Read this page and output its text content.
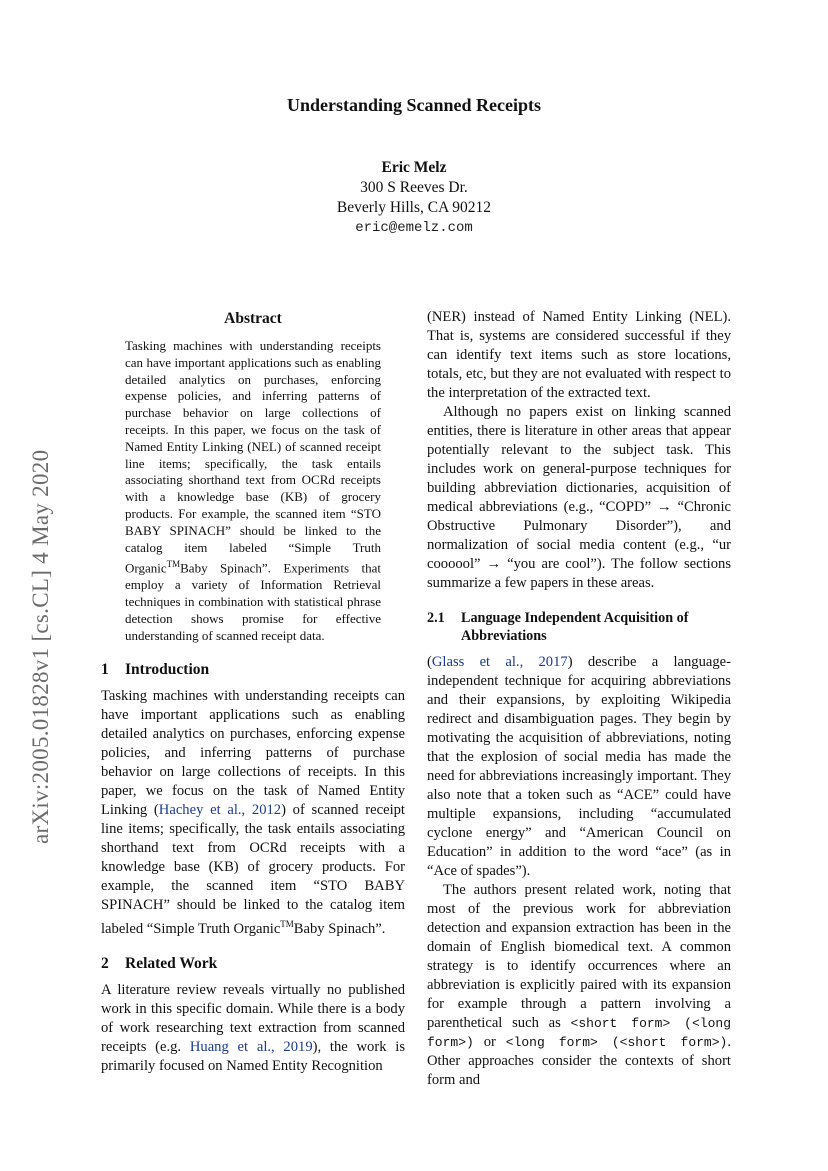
Understanding Scanned Receipts
Eric Melz
300 S Reeves Dr.
Beverly Hills, CA 90212
eric@emelz.com
arXiv:2005.01828v1 [cs.CL] 4 May 2020
Abstract
Tasking machines with understanding receipts can have important applications such as enabling detailed analytics on purchases, enforcing expense policies, and inferring patterns of purchase behavior on large collections of receipts. In this paper, we focus on the task of Named Entity Linking (NEL) of scanned receipt line items; specifically, the task entails associating shorthand text from OCRd receipts with a knowledge base (KB) of grocery products. For example, the scanned item “STO BABY SPINACH” should be linked to the catalog item labeled “Simple Truth Organic™Baby Spinach”. Experiments that employ a variety of Information Retrieval techniques in combination with statistical phrase detection shows promise for effective understanding of scanned receipt data.
1 Introduction

Tasking machines with understanding receipts can have important applications such as enabling detailed analytics on purchases, enforcing expense policies, and inferring patterns of purchase behavior on large collections of receipts. In this paper, we focus on the task of Named Entity Linking (Hachey et al., 2012) of scanned receipt line items; specifically, the task entails associating shorthand text from OCRd receipts with a knowledge base (KB) of grocery products. For example, the scanned item “STO BABY SPINACH” should be linked to the catalog item labeled “Simple Truth Organic™Baby Spinach”.

2 Related Work

A literature review reveals virtually no published work in this specific domain. While there is a body of work researching text extraction from scanned receipts (e.g. Huang et al., 2019), the work is primarily focused on Named Entity Recognition

(NER) instead of Named Entity Linking (NEL). That is, systems are considered successful if they can identify text items such as store locations, totals, etc, but they are not evaluated with respect to the interpretation of the extracted text.

Although no papers exist on linking scanned entities, there is literature in other areas that appear potentially relevant to the subject task. This includes work on general-purpose techniques for building abbreviation dictionaries, acquisition of medical abbreviations (e.g., “COPD” → “Chronic Obstructive Pulmonary Disorder”), and normalization of social media content (e.g., “ur coooool” → “you are cool”). The follow sections summarize a few papers in these areas.

2.1	Language Independent Acquisition of Abbreviations

(Glass et al., 2017) describe a language-independent technique for acquiring abbreviations and their expansions, by exploiting Wikipedia redirect and disambiguation pages. They begin by motivating the acquisition of abbreviations, noting that the explosion of social media has made the need for abbreviations increasingly important. They also note that a token such as “ACE” could have multiple expansions, including “accumulated cyclone energy” and “American Council on Education” in addition to the word “ace” (as in “Ace of spades”).

The authors present related work, noting that most of the previous work for abbreviation detection and expansion extraction has been in the domain of English biomedical text. A common strategy is to identify occurrences where an abbreviation is explicitly paired with its expansion for example through a pattern involving a parenthetical such as <short form> (<long form>) or <long form> (<short form>). Other approaches consider the contexts of short form and
